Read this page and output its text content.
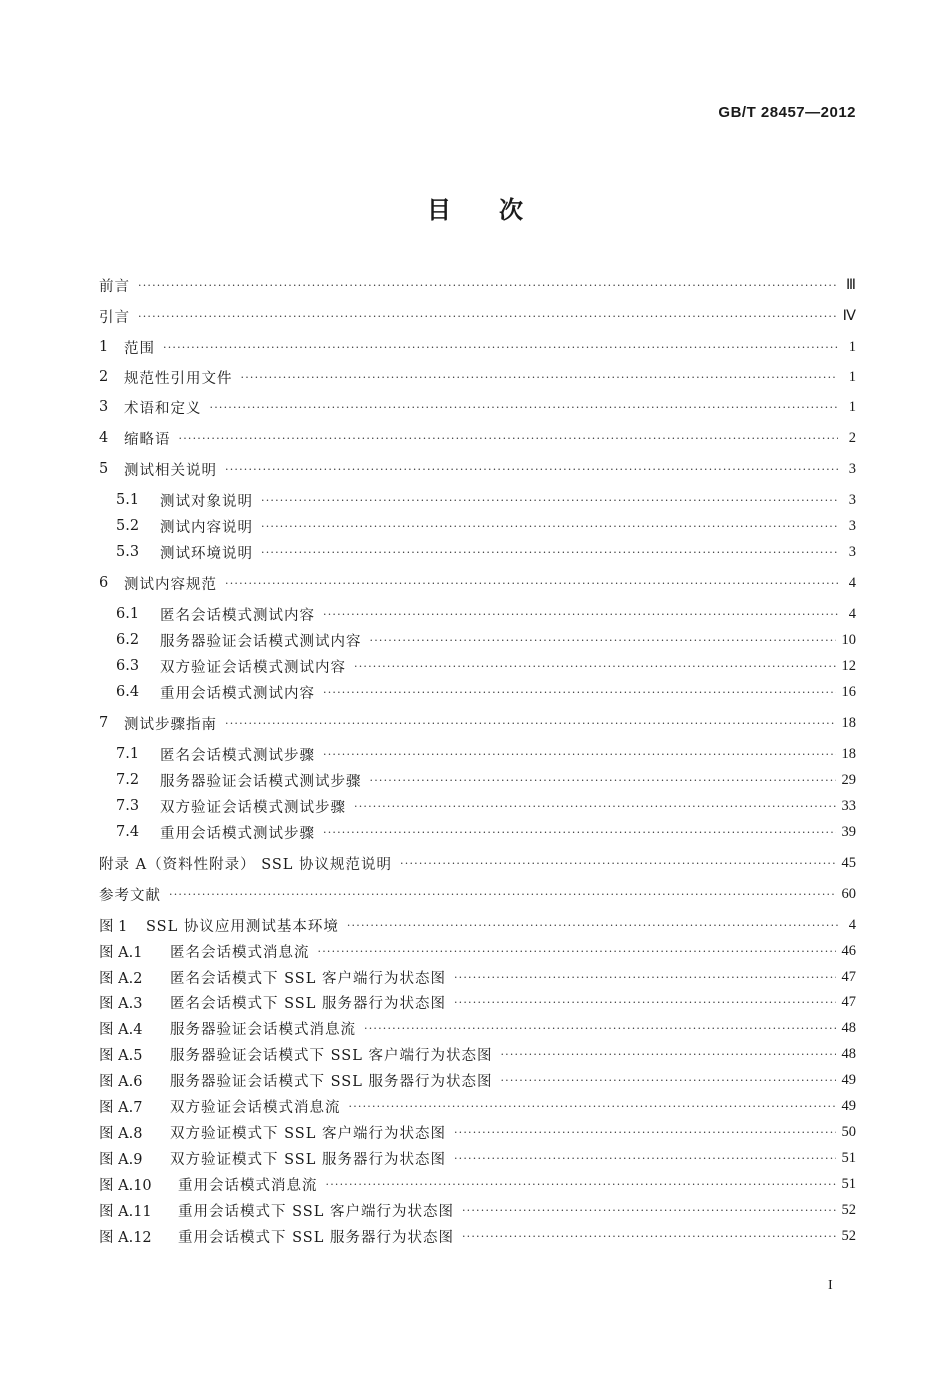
GB/T 28457—2012
目次
前言 ·····	Ⅲ
引言 ·····	Ⅳ
1	范围 ·····	1
2	规范性引用文件 ·····	1
3	术语和定义 ·····	1
4	缩略语 ·····	2
5	测试相关说明 ·····	3
5.1	测试对象说明 ·····	3
5.2	测试内容说明 ·····	3
5.3	测试环境说明 ·····	3
6	测试内容规范 ·····	4
6.1	匿名会话模式测试内容 ·····	4
6.2	服务器验证会话模式测试内容 ·····	10
6.3	双方验证会话模式测试内容 ·····	12
6.4	重用会话模式测试内容 ·····	16
7	测试步骤指南 ·····	18
7.1	匿名会话模式测试步骤 ·····	18
7.2	服务器验证会话模式测试步骤 ·····	29
7.3	双方验证会话模式测试步骤 ·····	33
7.4	重用会话模式测试步骤 ·····	39
附录 A（资料性附录） SSL 协议规范说明 ·····	45
参考文献 ·····	60
图 1	SSL 协议应用测试基本环境 ·····	4
图 A.1	匿名会话模式消息流 ·····	46
图 A.2	匿名会话模式下 SSL 客户端行为状态图 ·····	47
图 A.3	匿名会话模式下 SSL 服务器行为状态图 ·····	47
图 A.4	服务器验证会话模式消息流 ·····	48
图 A.5	服务器验证会话模式下 SSL 客户端行为状态图 ·····	48
图 A.6	服务器验证会话模式下 SSL 服务器行为状态图 ·····	49
图 A.7	双方验证会话模式消息流 ·····	49
图 A.8	双方验证模式下 SSL 客户端行为状态图 ·····	50
图 A.9	双方验证模式下 SSL 服务器行为状态图 ·····	51
图 A.10	重用会话模式消息流 ·····	51
图 A.11	重用会话模式下 SSL 客户端行为状态图 ·····	52
图 A.12	重用会话模式下 SSL 服务器行为状态图 ·····	52
I
